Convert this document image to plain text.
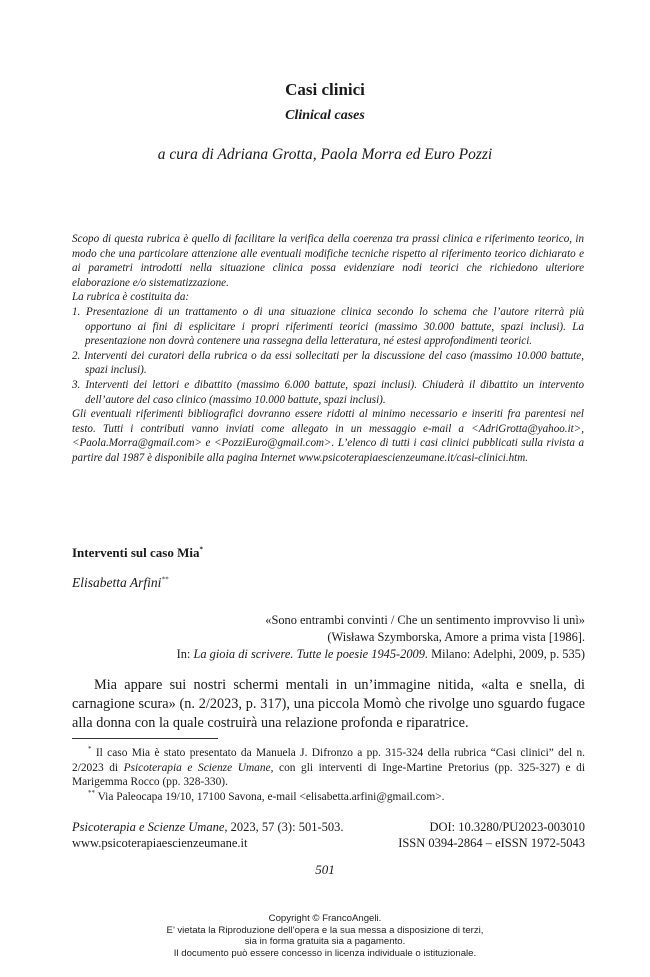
Casi clinici
Clinical cases
a cura di Adriana Grotta, Paola Morra ed Euro Pozzi

Scopo di questa rubrica è quello di facilitare la verifica della coerenza tra prassi clinica e riferimento teorico, in modo che una particolare attenzione alle eventuali modifiche tecniche rispetto al riferimento teorico dichiarato e ai parametri introdotti nella situazione clinica possa evidenziare nodi teorici che richiedono ulteriore elaborazione e/o sistematizzazione.

La rubrica è costituita da:

1. Presentazione di un trattamento o di una situazione clinica secondo lo schema che l’autore riterrà più opportuno ai fini di esplicitare i propri riferimenti teorici (massimo 30.000 battute, spazi inclusi). La presentazione non dovrà contenere una rassegna della letteratura, né estesi approfondimenti teorici.

2. Interventi dei curatori della rubrica o da essi sollecitati per la discussione del caso (massimo 10.000 battute, spazi inclusi).

3. Interventi dei lettori e dibattito (massimo 6.000 battute, spazi inclusi). Chiuderà il dibattito un intervento dell’autore del caso clinico (massimo 10.000 battute, spazi inclusi).

Gli eventuali riferimenti bibliografici dovranno essere ridotti al minimo necessario e inseriti fra parentesi nel testo. Tutti i contributi vanno inviati come allegato in un messaggio e-mail a <AdriGrotta@yahoo.it>, <Paola.Morra@gmail.com> e <PozziEuro@gmail.com>. L’elenco di tutti i casi clinici pubblicati sulla rivista a partire dal 1987 è disponibile alla pagina Internet www.psicoterapiaescienzeumane.it/casi-clinici.htm.

Interventi sul caso Mia*
Elisabetta Arfini**
«Sono entrambi convinti / Che un sentimento improvviso li unì»
(Wisława Szymborska, Amore a prima vista [1986].
In: La gioia di scrivere. Tutte le poesie 1945-2009. Milano: Adelphi, 2009, p. 535)

Mia appare sui nostri schermi mentali in un’immagine nitida, «alta e snella, di carnagione scura» (n. 2/2023, p. 317), una piccola Momò che rivolge uno sguardo fugace alla donna con la quale costruirà una relazione profonda e riparatrice.

* Il caso Mia è stato presentato da Manuela J. Difronzo a pp. 315-324 della rubrica “Casi clinici” del n. 2/2023 di Psicoterapia e Scienze Umane, con gli interventi di Inge-Martine Pretorius (pp. 325-327) e di Marigemma Rocco (pp. 328-330).

** Via Paleocapa 19/10, 17100 Savona, e-mail <elisabetta.arfini@gmail.com>.

Psicoterapia e Scienze Umane, 2023, 57 (3): 501-503.	DOI: 10.3280/PU2023-003010
www.psicoterapiaescienzeumane.it	ISSN 0394-2864 – eISSN 1972-5043
501
Copyright © FrancoAngeli.
E’ vietata la Riproduzione dell’opera e la sua messa a disposizione di terzi,
sia in forma gratuita sia a pagamento.
Il documento può essere concesso in licenza individuale o istituzionale.
